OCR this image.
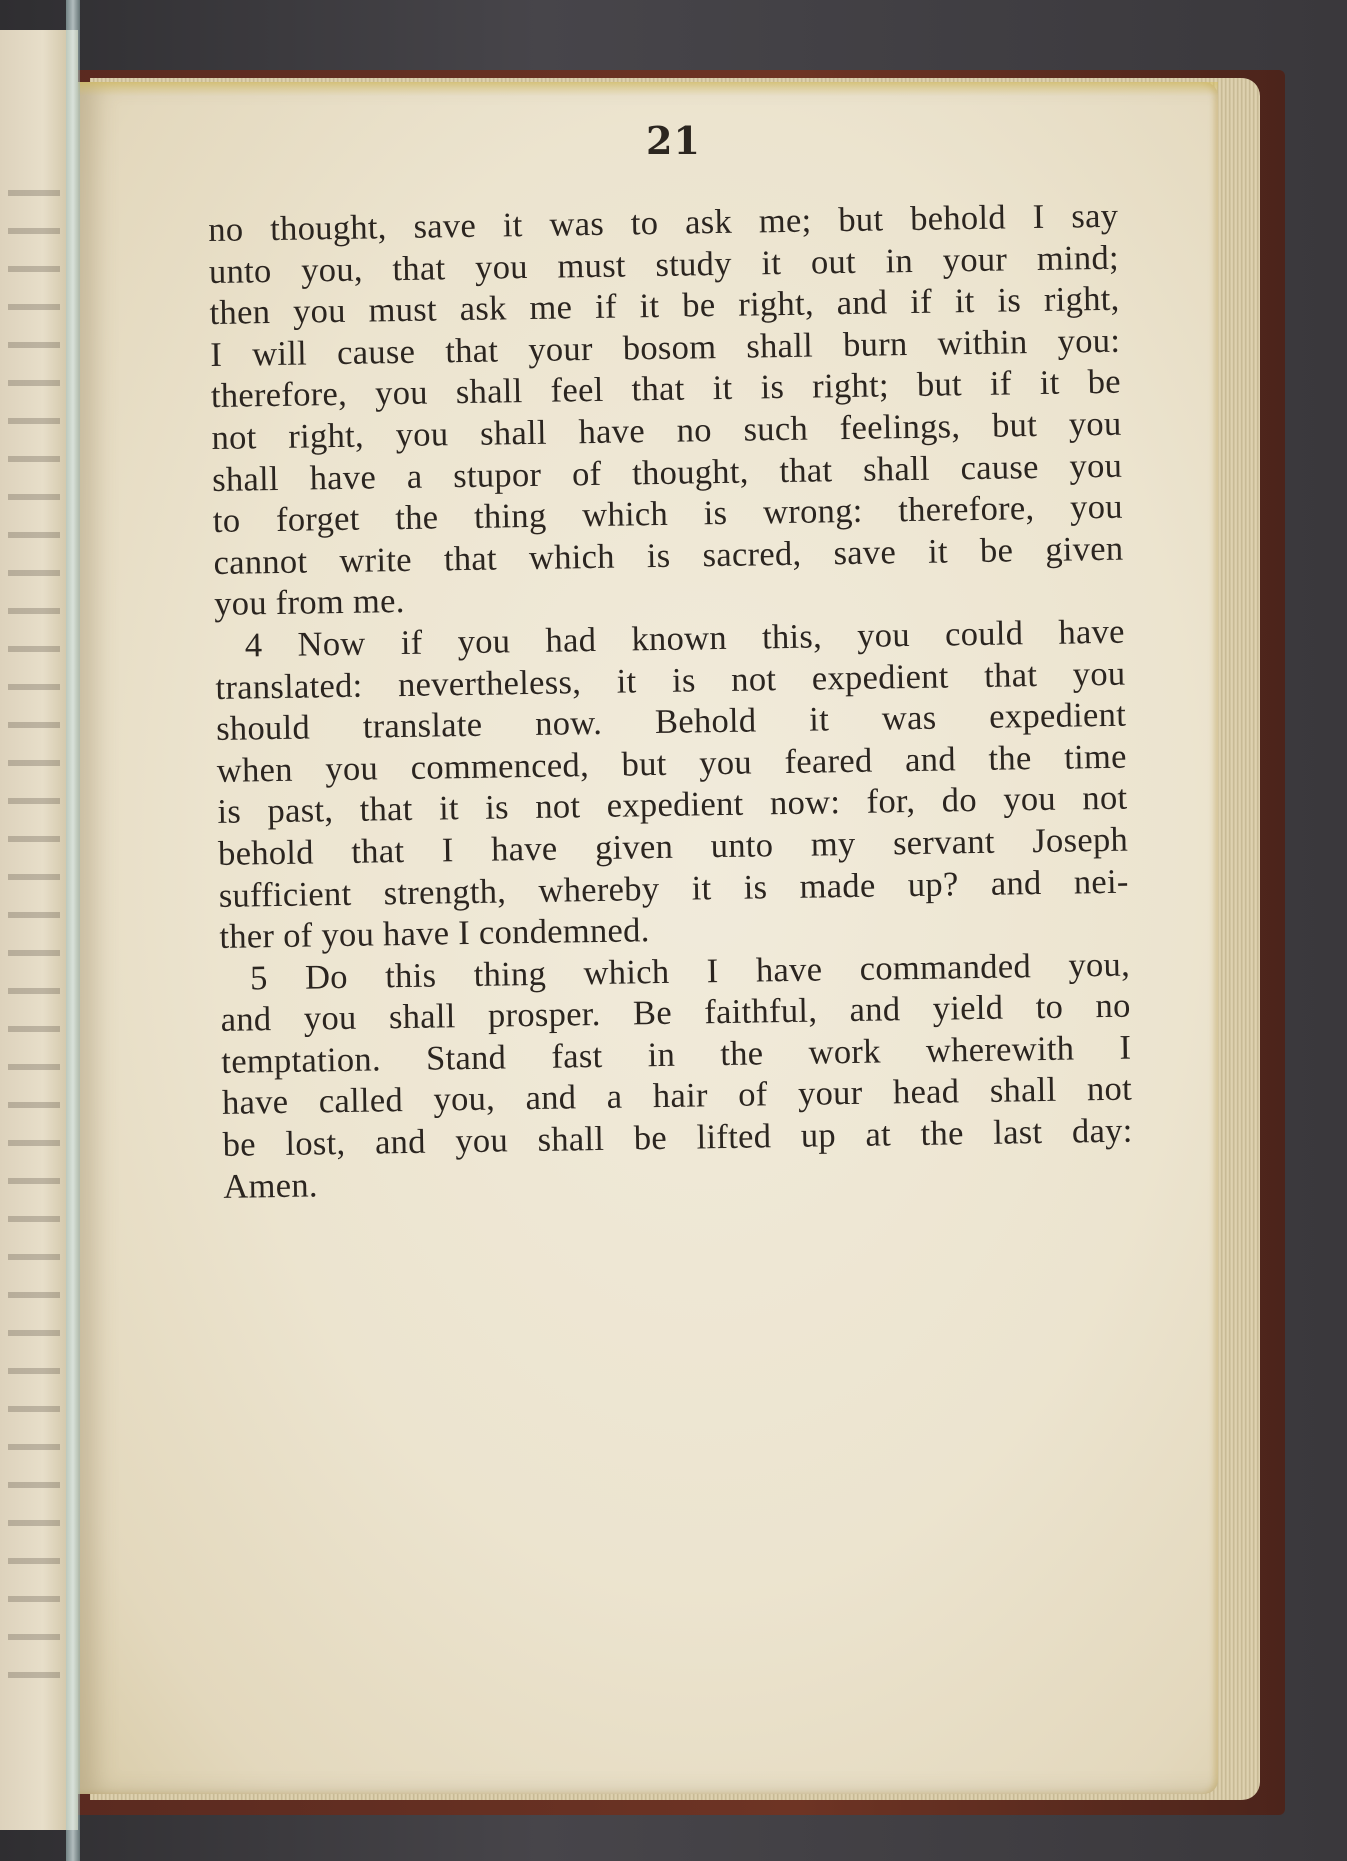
21
no thought, save it was to ask me; but behold I say
unto you, that you must study it out in your mind;
then you must ask me if it be right, and if it is right,
I will cause that your bosom shall burn within you:
therefore, you shall feel that it is right; but if it be
not right, you shall have no such feelings, but you
shall have a stupor of thought, that shall cause you
to forget the thing which is wrong: therefore, you
cannot write that which is sacred, save it be given
you from me.
4 Now if you had known this, you could have
translated: nevertheless, it is not expedient that you
should translate now. Behold it was expedient
when you commenced, but you feared and the time
is past, that it is not expedient now: for, do you not
behold that I have given unto my servant Joseph
sufficient strength, whereby it is made up? and nei-
ther of you have I condemned.
5 Do this thing which I have commanded you,
and you shall prosper. Be faithful, and yield to no
temptation. Stand fast in the work wherewith I
have called you, and a hair of your head shall not
be lost, and you shall be lifted up at the last day:
Amen.
